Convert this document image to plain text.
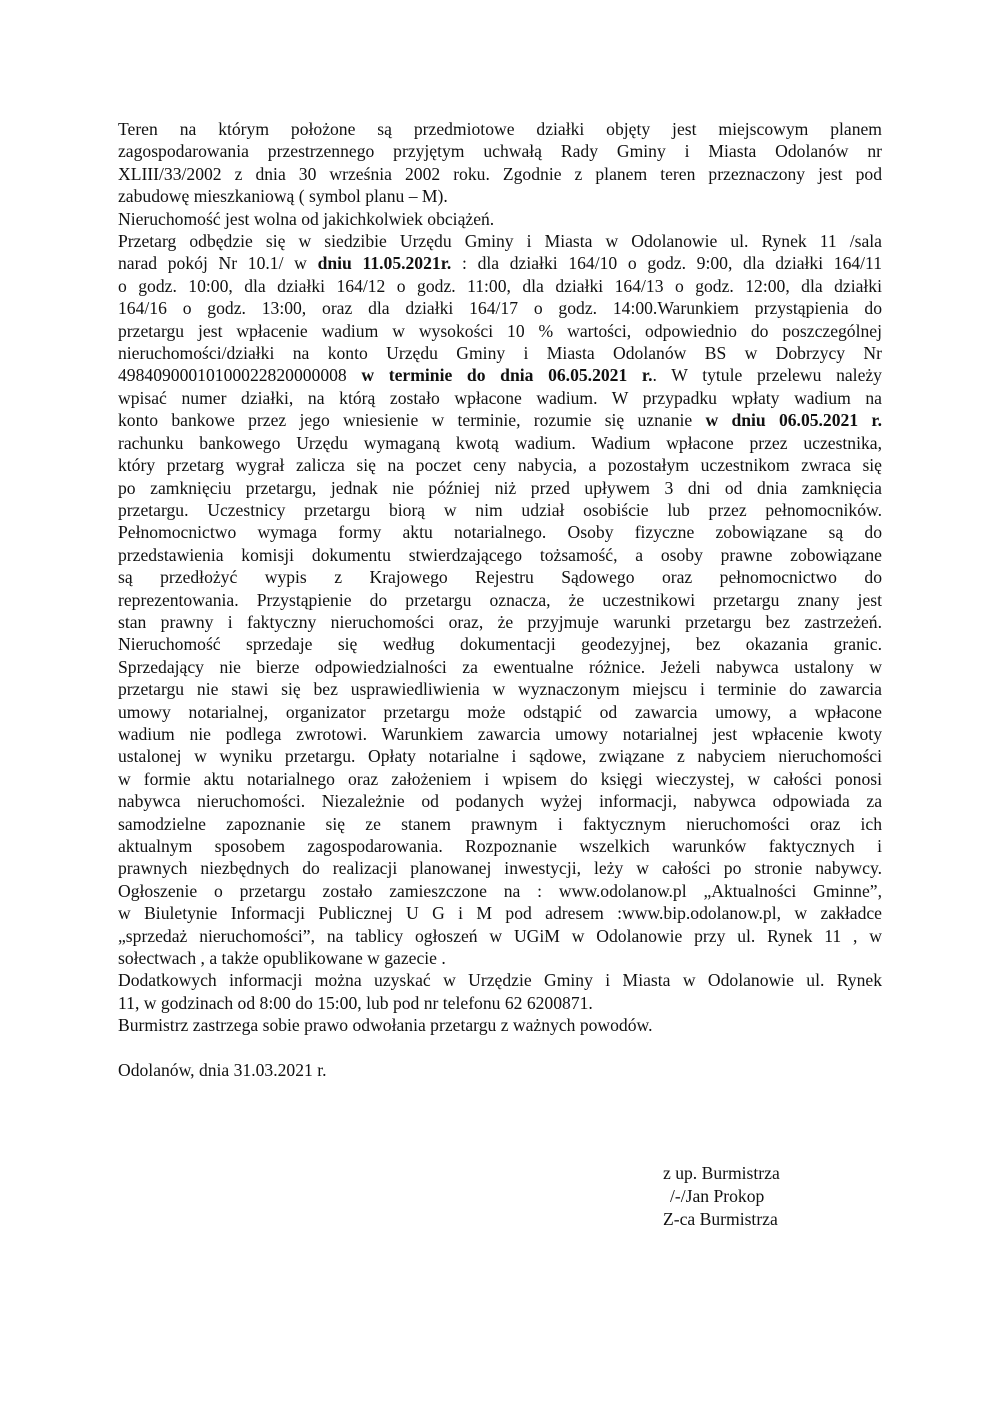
Teren na którym położone są przedmiotowe działki objęty jest miejscowym planem
zagospodarowania przestrzennego przyjętym uchwałą Rady Gminy i Miasta Odolanów nr
XLIII/33/2002 z dnia 30 września 2002 roku. Zgodnie z planem teren przeznaczony jest pod
zabudowę mieszkaniową ( symbol planu – M).
Nieruchomość jest wolna od jakichkolwiek obciążeń.
Przetarg odbędzie się w siedzibie Urzędu Gminy i Miasta w Odolanowie ul. Rynek 11 /sala
narad pokój Nr 10.1/ w dniu 11.05.2021r. : dla działki 164/10 o godz. 9:00, dla działki 164/11
o godz. 10:00, dla działki 164/12 o godz. 11:00, dla działki 164/13 o godz. 12:00, dla działki
164/16 o godz. 13:00, oraz dla działki 164/17 o godz. 14:00.Warunkiem przystąpienia do
przetargu jest wpłacenie wadium w wysokości 10 % wartości, odpowiednio do poszczególnej
nieruchomości/działki na konto Urzędu Gminy i Miasta Odolanów BS w Dobrzycy Nr
49840900010100022820000008 w terminie do dnia 06.05.2021 r.. W tytule przelewu należy
wpisać numer działki, na którą zostało wpłacone wadium. W przypadku wpłaty wadium na
konto bankowe przez jego wniesienie w terminie, rozumie się uznanie w dniu 06.05.2021 r.
rachunku bankowego Urzędu wymaganą kwotą wadium. Wadium wpłacone przez uczestnika,
który przetarg wygrał zalicza się na poczet ceny nabycia, a pozostałym uczestnikom zwraca się
po zamknięciu przetargu, jednak nie później niż przed upływem 3 dni od dnia zamknięcia
przetargu. Uczestnicy przetargu biorą w nim udział osobiście lub przez pełnomocników.
Pełnomocnictwo wymaga formy aktu notarialnego. Osoby fizyczne zobowiązane są do
przedstawienia komisji dokumentu stwierdzającego tożsamość, a osoby prawne zobowiązane
są przedłożyć wypis z Krajowego Rejestru Sądowego oraz pełnomocnictwo do
reprezentowania. Przystąpienie do przetargu oznacza, że uczestnikowi przetargu znany jest
stan prawny i faktyczny nieruchomości oraz, że przyjmuje warunki przetargu bez zastrzeżeń.
Nieruchomość sprzedaje się według dokumentacji geodezyjnej, bez okazania granic.
Sprzedający nie bierze odpowiedzialności za ewentualne różnice. Jeżeli nabywca ustalony w
przetargu nie stawi się bez usprawiedliwienia w wyznaczonym miejscu i terminie do zawarcia
umowy notarialnej, organizator przetargu może odstąpić od zawarcia umowy, a wpłacone
wadium nie podlega zwrotowi. Warunkiem zawarcia umowy notarialnej jest wpłacenie kwoty
ustalonej w wyniku przetargu. Opłaty notarialne i sądowe, związane z nabyciem nieruchomości
w formie aktu notarialnego oraz założeniem i wpisem do księgi wieczystej, w całości ponosi
nabywca nieruchomości. Niezależnie od podanych wyżej informacji, nabywca odpowiada za
samodzielne zapoznanie się ze stanem prawnym i faktycznym nieruchomości oraz ich
aktualnym sposobem zagospodarowania. Rozpoznanie wszelkich warunków faktycznych i
prawnych niezbędnych do realizacji planowanej inwestycji, leży w całości po stronie nabywcy.
Ogłoszenie o przetargu zostało zamieszczone na : www.odolanow.pl „Aktualności Gminne”,
w Biuletynie Informacji Publicznej U G i M pod adresem :www.bip.odolanow.pl, w zakładce
„sprzedaż nieruchomości”, na tablicy ogłoszeń w UGiM w Odolanowie przy ul. Rynek 11 , w
sołectwach , a także opublikowane w gazecie .
Dodatkowych informacji można uzyskać w Urzędzie Gminy i Miasta w Odolanowie ul. Rynek
11, w godzinach od 8:00 do 15:00, lub pod nr telefonu 62 6200871.
Burmistrz zastrzega sobie prawo odwołania przetargu z ważnych powodów.
Odolanów, dnia 31.03.2021 r.
z up. Burmistrza
/-/Jan Prokop
Z-ca Burmistrza
